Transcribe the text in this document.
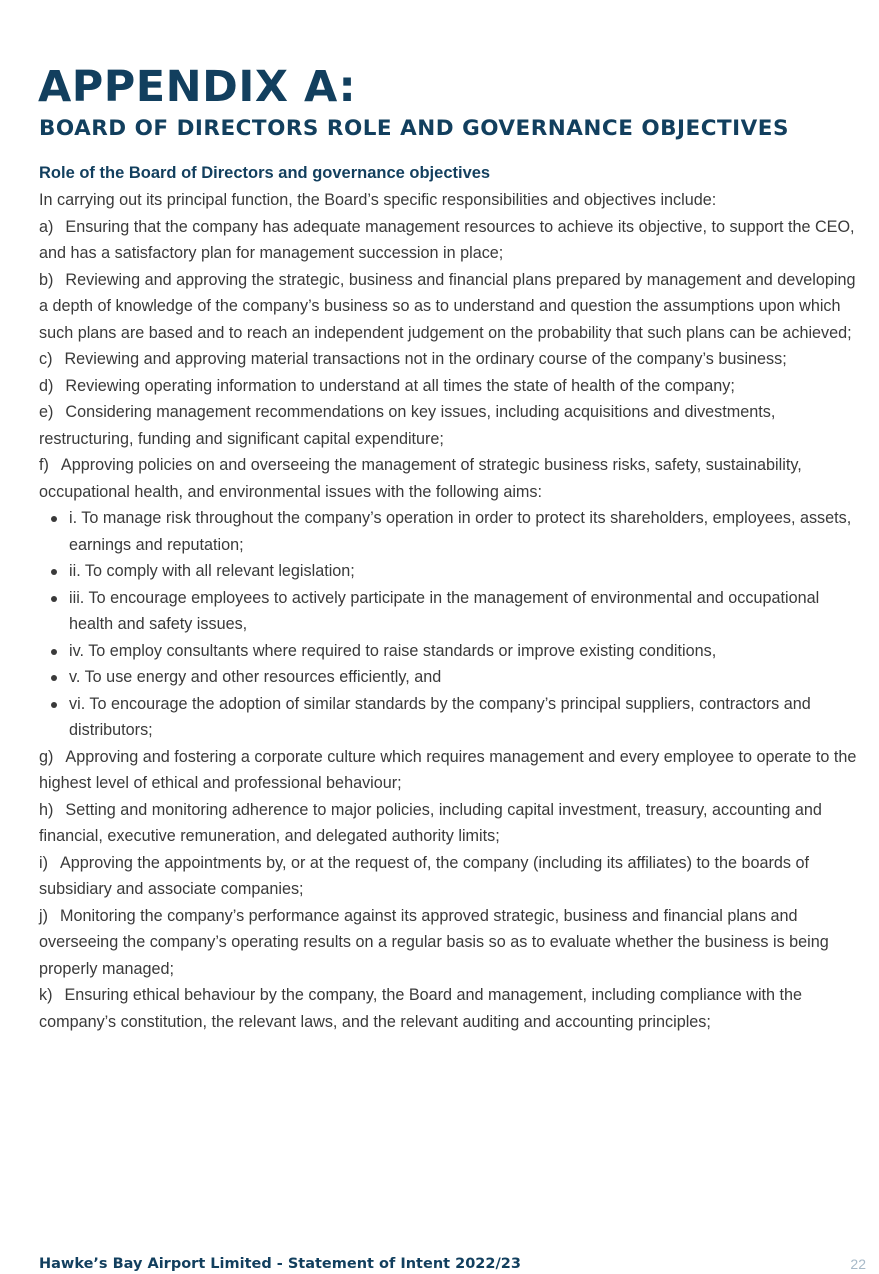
APPENDIX A:
BOARD OF DIRECTORS ROLE AND GOVERNANCE OBJECTIVES
Role of the Board of Directors and governance objectives

In carrying out its principal function, the Board’s specific responsibilities and objectives include:

a) Ensuring that the company has adequate management resources to achieve its objective, to support the CEO, and has a satisfactory plan for management succession in place;

b) Reviewing and approving the strategic, business and financial plans prepared by management and developing a depth of knowledge of the company’s business so as to understand and question the assumptions upon which such plans are based and to reach an independent judgement on the probability that such plans can be achieved;

c) Reviewing and approving material transactions not in the ordinary course of the company’s business;

d) Reviewing operating information to understand at all times the state of health of the company;

e) Considering management recommendations on key issues, including acquisitions and divestments, restructuring, funding and significant capital expenditure;

f) Approving policies on and overseeing the management of strategic business risks, safety, sustainability, occupational health, and environmental issues with the following aims:

i. To manage risk throughout the company’s operation in order to protect its shareholders, employees, assets, earnings and reputation;
ii. To comply with all relevant legislation;
iii. To encourage employees to actively participate in the management of environmental and occupational health and safety issues,
iv. To employ consultants where required to raise standards or improve existing conditions,
v. To use energy and other resources efficiently, and
vi. To encourage the adoption of similar standards by the company’s principal suppliers, contractors and distributors;

g) Approving and fostering a corporate culture which requires management and every employee to operate to the highest level of ethical and professional behaviour;

h) Setting and monitoring adherence to major policies, including capital investment, treasury, accounting and financial, executive remuneration, and delegated authority limits;

i) Approving the appointments by, or at the request of, the company (including its affiliates) to the boards of subsidiary and associate companies;

j) Monitoring the company’s performance against its approved strategic, business and financial plans and overseeing the company’s operating results on a regular basis so as to evaluate whether the business is being properly managed;

k) Ensuring ethical behaviour by the company, the Board and management, including compliance with the company’s constitution, the relevant laws, and the relevant auditing and accounting principles;

Hawke’s Bay Airport Limited - Statement of Intent 2022/23	22
